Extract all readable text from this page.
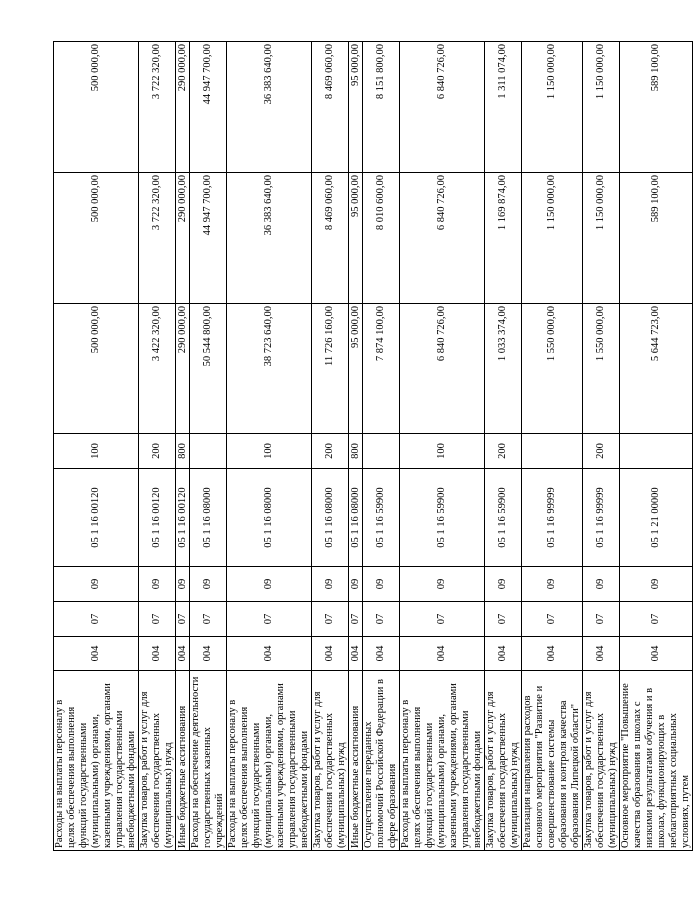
Расходы на выплаты персоналу в целях обеспечения выполнения функций государственными (муниципальными) органами, казенными учреждениями, органами управления государственными внебюджетными фондами	004	07	09	05 1 16 00120	100	500 000,00	500 000,00	500 000,00
Закупка товаров, работ и услуг для обеспечения государственных (муниципальных) нужд	004	07	09	05 1 16 00120	200	3 422 320,00	3 722 320,00	3 722 320,00
Иные бюджетные ассигнования	004	07	09	05 1 16 00120	800	290 000,00	290 000,00	290 000,00
Расходы на обеспечение деятельности государственных казенных учреждений	004	07	09	05 1 16 08000		50 544 800,00	44 947 700,00	44 947 700,00
Расходы на выплаты персоналу в целях обеспечения выполнения функций государственными (муниципальными) органами, казенными учреждениями, органами управления государственными внебюджетными фондами	004	07	09	05 1 16 08000	100	38 723 640,00	36 383 640,00	36 383 640,00
Закупка товаров, работ и услуг для обеспечения государственных (муниципальных) нужд	004	07	09	05 1 16 08000	200	11 726 160,00	8 469 060,00	8 469 060,00
Иные бюджетные ассигнования	004	07	09	05 1 16 08000	800	95 000,00	95 000,00	95 000,00
Осуществление переданных полномочий Российской Федерации в сфере образования	004	07	09	05 1 16 59900		7 874 100,00	8 010 600,00	8 151 800,00
Расходы на выплаты персоналу в целях обеспечения выполнения функций государственными (муниципальными) органами, казенными учреждениями, органами управления государственными внебюджетными фондами	004	07	09	05 1 16 59900	100	6 840 726,00	6 840 726,00	6 840 726,00
Закупка товаров, работ и услуг для обеспечения государственных (муниципальных) нужд	004	07	09	05 1 16 59900	200	1 033 374,00	1 169 874,00	1 311 074,00
Реализация направления расходов основного мероприятия "Развитие и совершенствование системы образования и контроля качества образования Липецкой области"	004	07	09	05 1 16 99999		1 550 000,00	1 150 000,00	1 150 000,00
Закупка товаров, работ и услуг для обеспечения государственных (муниципальных) нужд	004	07	09	05 1 16 99999	200	1 550 000,00	1 150 000,00	1 150 000,00
Основное мероприятие "Повышение качества образования в школах с низкими результатами обучения и в школах, функционирующих в неблагоприятных социальных условиях, путем	004	07	09	05 1 21 00000		5 644 723,00	589 100,00	589 100,00
